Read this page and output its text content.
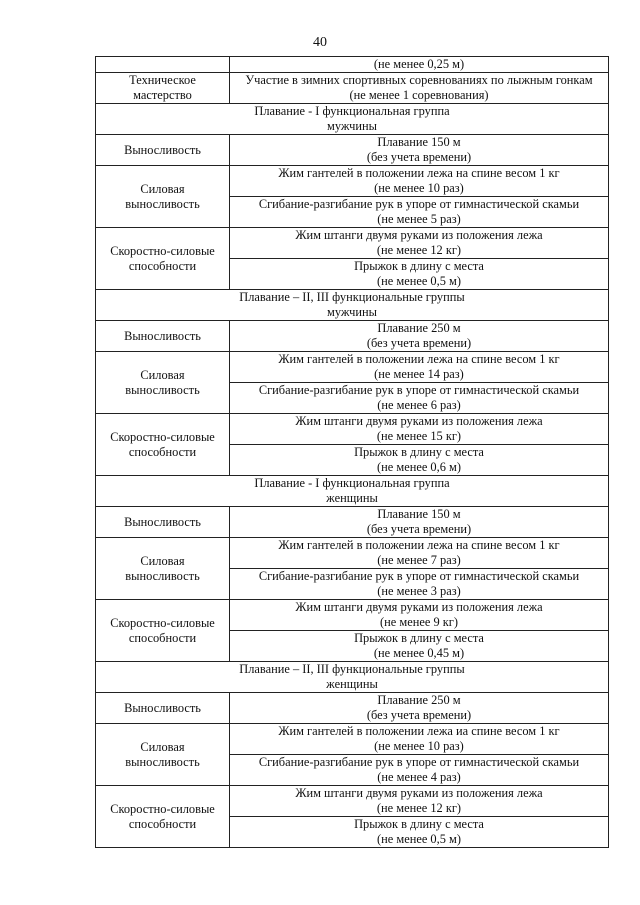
40

	(не менее 0,25 м)

Техническое
мастерство	Участие в зимних спортивных соревнованиях по лыжным гонкам
(не менее 1 соревнования)

Плавание - I функциональная группа
мужчины	

Выносливость	Плавание 150 м
(без учета времени)

Силовая
выносливость	Жим гантелей в положении лежа на спине весом 1 кг
(не менее 10 раз)

	Сгибание-разгибание рук в упоре от гимнастической скамьи
(не менее 5 раз)

Скоростно-силовые
способности	Жим штанги двумя руками из положения лежа
(не менее 12 кг)

	Прыжок в длину с места
(не менее 0,5 м)

Плавание – II, III функциональные группы
мужчины	

Выносливость	Плавание 250 м
(без учета времени)

Силовая
выносливость	Жим гантелей в положении лежа на спине весом 1 кг
(не менее 14 раз)

	Сгибание-разгибание рук в упоре от гимнастической скамьи
(не менее 6 раз)

Скоростно-силовые
способности	Жим штанги двумя руками из положения лежа
(не менее 15 кг)

	Прыжок в длину с места
(не менее 0,6 м)

Плавание - I функциональная группа
женщины	

Выносливость	Плавание 150 м
(без учета времени)

Силовая
выносливость	Жим гантелей в положении лежа на спине весом 1 кг
(не менее 7 раз)

	Сгибание-разгибание рук в упоре от гимнастической скамьи
(не менее 3 раз)

Скоростно-силовые
способности	Жим штанги двумя руками из положения лежа
(не менее 9 кг)

	Прыжок в длину с места
(не менее 0,45 м)

Плавание – II, III функциональные группы
женщины	

Выносливость	Плавание 250 м
(без учета времени)

Силовая
выносливость	Жим гантелей в положении лежа иа спине весом 1 кг
(не менее 10 раз)

	Сгибание-разгибание рук в упоре от гимнастической скамьи
(не менее 4 раз)

Скоростно-силовые
способности	Жим штанги двумя руками из положения лежа
(не менее 12 кг)

	Прыжок в длину с места
(не менее 0,5 м)
